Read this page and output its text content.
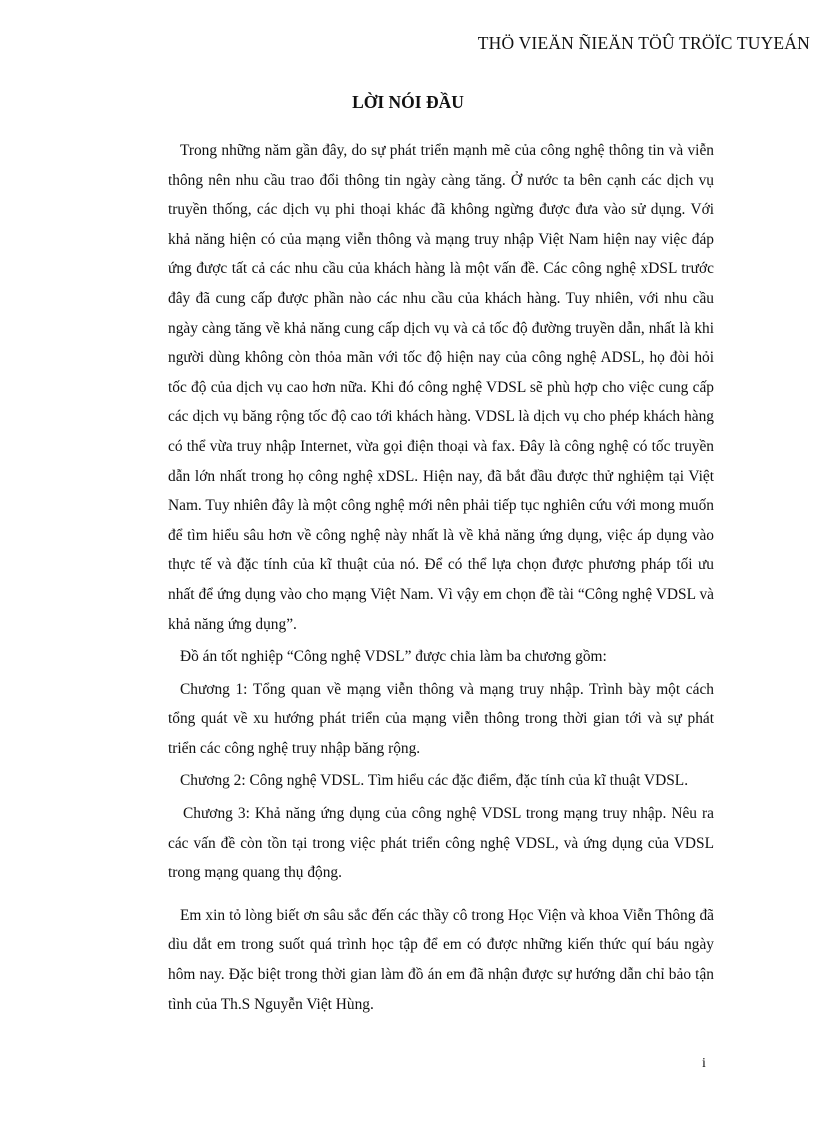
THÖ VIEÄN ÑIEÄN TÖÛ TRÖÏC TUYEÁN
LỜI NÓI ĐẦU

Trong những năm gần đây, do sự phát triển mạnh mẽ của công nghệ thông tin và viễn thông nên nhu cầu trao đổi thông tin ngày càng tăng. Ở nước ta bên cạnh các dịch vụ truyền thống, các dịch vụ phi thoại khác đã không ngừng được đưa vào sử dụng. Với khả năng hiện có của mạng viễn thông và mạng truy nhập Việt Nam hiện nay việc đáp ứng được tất cả các nhu cầu của khách hàng là một vấn đề. Các công nghệ xDSL trước đây đã cung cấp được phần nào các nhu cầu của khách hàng. Tuy nhiên, với nhu cầu ngày càng tăng về khả năng cung cấp dịch vụ và cả tốc độ đường truyền dẫn, nhất là khi người dùng không còn thỏa mãn với tốc độ hiện nay của công nghệ ADSL, họ đòi hỏi tốc độ của dịch vụ cao hơn nữa. Khi đó công nghệ VDSL sẽ phù hợp cho việc cung cấp các dịch vụ băng rộng tốc độ cao tới khách hàng. VDSL là dịch vụ cho phép khách hàng có thể vừa truy nhập Internet, vừa gọi điện thoại và fax. Đây là công nghệ có tốc truyền dẫn lớn nhất trong họ công nghệ xDSL. Hiện nay, đã bắt đầu được thử nghiệm tại Việt Nam. Tuy nhiên đây là một công nghệ mới nên phải tiếp tục nghiên cứu với mong muốn để tìm hiểu sâu hơn về công nghệ này nhất là về khả năng ứng dụng, việc áp dụng vào thực tế và đặc tính của kĩ thuật của nó. Để có thể lựa chọn được phương pháp tối ưu nhất để ứng dụng vào cho mạng Việt Nam. Vì vậy em chọn đề tài “Công nghệ VDSL và khả năng ứng dụng”.

Đồ án tốt nghiệp “Công nghệ VDSL” được chia làm ba chương gồm:

Chương 1: Tổng quan về mạng viễn thông và mạng truy nhập. Trình bày một cách tổng quát về xu hướng phát triển của mạng viễn thông trong thời gian tới và sự phát triển các công nghệ truy nhập băng rộng.

Chương 2: Công nghệ VDSL. Tìm hiểu các đặc điểm, đặc tính của kĩ thuật VDSL.

Chương 3: Khả năng ứng dụng của công nghệ VDSL trong mạng truy nhập. Nêu ra các vấn đề còn tồn tại trong việc phát triển công nghệ VDSL, và ứng dụng của VDSL trong mạng quang thụ động.

Em xin tỏ lòng biết ơn sâu sắc đến các thầy cô trong Học Viện và khoa Viễn Thông đã dìu dắt em trong suốt quá trình học tập để em có được những kiến thức quí báu ngày hôm nay. Đặc biệt trong thời gian làm đồ án em đã nhận được sự hướng dẫn chỉ bảo tận tình của Th.S Nguyễn Việt Hùng.

i
